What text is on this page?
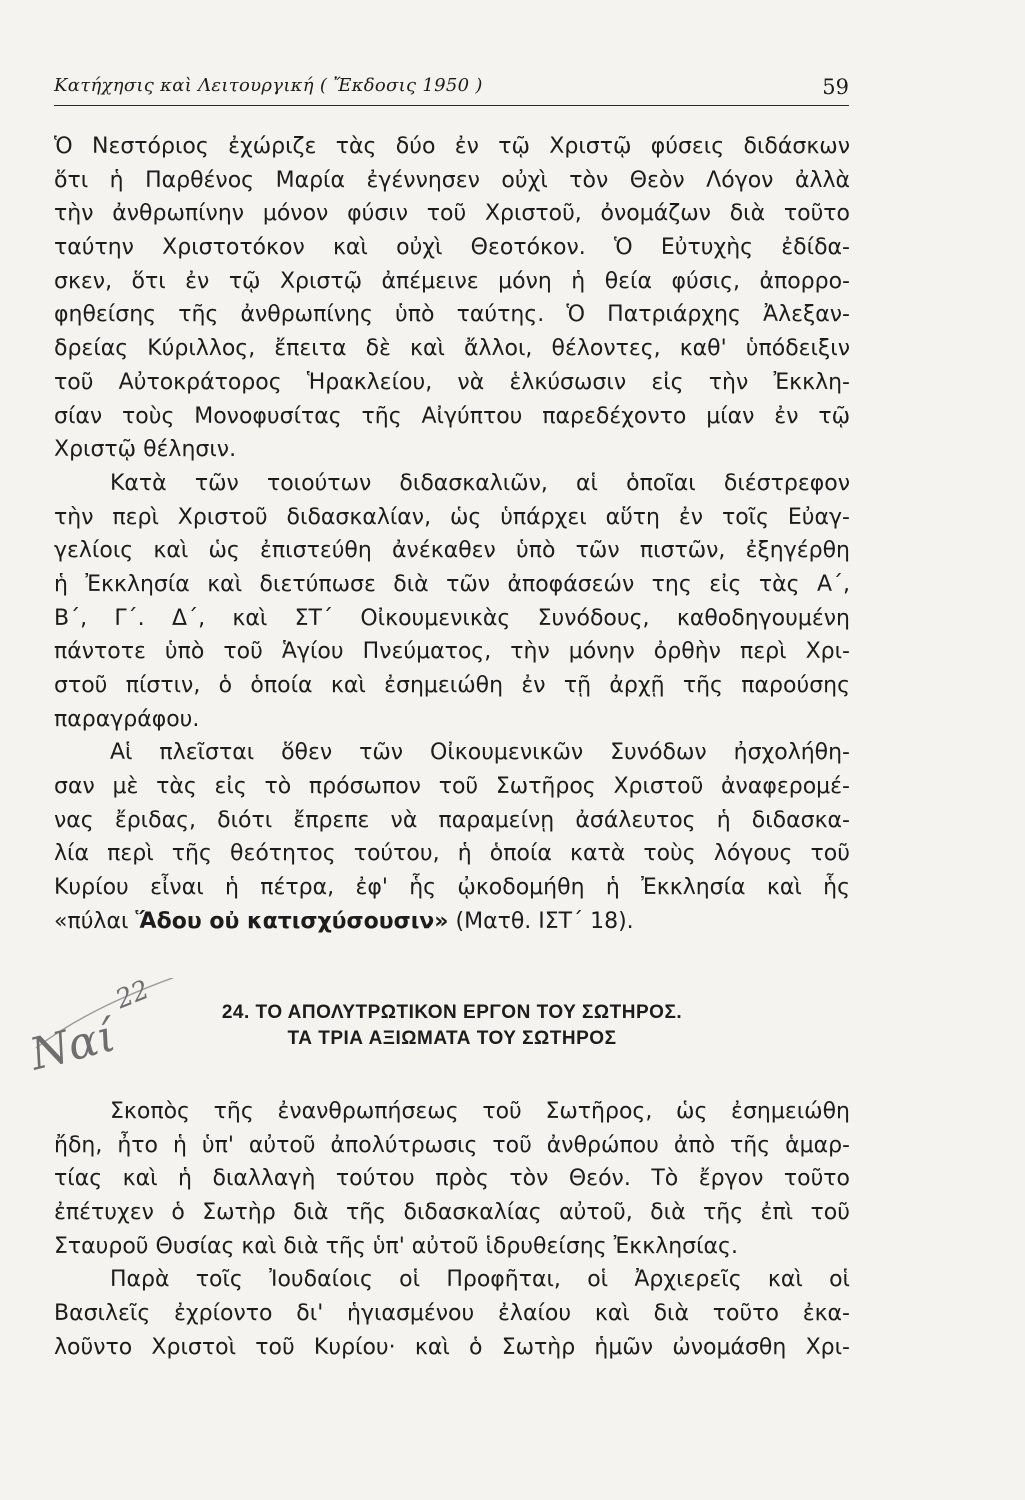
Κατήχησις καὶ Λειτουργική ( Ἔκδοσις 1950 )	59
Ὁ Νεστόριος ἐχώριζε τὰς δύο ἐν τῷ Χριστῷ φύσεις διδάσκων
ὅτι ἡ Παρθένος Μαρία ἐγέννησεν οὐχὶ τὸν Θεὸν Λόγον ἀλλὰ
τὴν ἀνθρωπίνην μόνον φύσιν τοῦ Χριστοῦ, ὀνομάζων διὰ τοῦτο
ταύτην Χριστοτόκον καὶ οὐχὶ Θεοτόκον. Ὁ Εὐτυχὴς ἐδίδα-
σκεν, ὅτι ἐν τῷ Χριστῷ ἀπέμεινε μόνη ἡ θεία φύσις, ἀπορρο-
φηθείσης τῆς ἀνθρωπίνης ὑπὸ ταύτης. Ὁ Πατριάρχης Ἀλεξαν-
δρείας Κύριλλος, ἔπειτα δὲ καὶ ἄλλοι, θέλοντες, καθ' ὑπόδειξιν
τοῦ Αὐτοκράτορος Ἡρακλείου, νὰ ἑλκύσωσιν εἰς τὴν Ἐκκλη-
σίαν τοὺς Μονοφυσίτας τῆς Αἰγύπτου παρεδέχοντο μίαν ἐν τῷ
Χριστῷ θέλησιν.
Κατὰ τῶν τοιούτων διδασκαλιῶν, αἱ ὁποῖαι διέστρεφον
τὴν περὶ Χριστοῦ διδασκαλίαν, ὡς ὑπάρχει αὕτη ἐν τοῖς Εὐαγ-
γελίοις καὶ ὡς ἐπιστεύθη ἀνέκαθεν ὑπὸ τῶν πιστῶν, ἐξηγέρθη
ἡ Ἐκκλησία καὶ διετύπωσε διὰ τῶν ἀποφάσεών της εἰς τὰς Α΄,
Β΄, Γ΄. Δ΄, καὶ ΣΤ΄ Οἰκουμενικὰς Συνόδους, καθοδηγουμένη
πάντοτε ὑπὸ τοῦ Ἁγίου Πνεύματος, τὴν μόνην ὀρθὴν περὶ Χρι-
στοῦ πίστιν, ὁ ὁποία καὶ ἐσημειώθη ἐν τῇ ἀρχῇ τῆς παρούσης
παραγράφου.
Αἱ πλεῖσται ὅθεν τῶν Οἰκουμενικῶν Συνόδων ἠσχολήθη-
σαν μὲ τὰς εἰς τὸ πρόσωπον τοῦ Σωτῆρος Χριστοῦ ἀναφερομέ-
νας ἔριδας, διότι ἔπρεπε νὰ παραμείνῃ ἀσάλευτος ἡ διδασκα-
λία περὶ τῆς θεότητος τούτου, ἡ ὁποία κατὰ τοὺς λόγους τοῦ
Κυρίου εἶναι ἡ πέτρα, ἐφ' ἧς ᾠκοδομήθη ἡ Ἐκκλησία καὶ ἧς
«πύλαι Ἅδου οὐ κατισχύσουσιν» (Ματθ. ΙΣΤ΄ 18).
22
Ναί	24. ΤΟ ΑΠΟΛΥΤΡΩΤΙΚΟΝ ΕΡΓΟΝ ΤΟΥ ΣΩΤΗΡΟΣ.
ΤΑ ΤΡΙΑ ΑΞΙΩΜΑΤΑ ΤΟΥ ΣΩΤΗΡΟΣ
Σκοπὸς τῆς ἐνανθρωπήσεως τοῦ Σωτῆρος, ὡς ἐσημειώθη
ἤδη, ἦτο ἡ ὑπ' αὐτοῦ ἀπολύτρωσις τοῦ ἀνθρώπου ἀπὸ τῆς ἁμαρ-
τίας καὶ ἡ διαλλαγὴ τούτου πρὸς τὸν Θεόν. Τὸ ἔργον τοῦτο
ἐπέτυχεν ὁ Σωτὴρ διὰ τῆς διδασκαλίας αὐτοῦ, διὰ τῆς ἐπὶ τοῦ
Σταυροῦ Θυσίας καὶ διὰ τῆς ὑπ' αὐτοῦ ἱδρυθείσης Ἐκκλησίας.
Παρὰ τοῖς Ἰουδαίοις οἱ Προφῆται, οἱ Ἀρχιερεῖς καὶ οἱ
Βασιλεῖς ἐχρίοντο δι' ἡγιασμένου ἐλαίου καὶ διὰ τοῦτο ἐκα-
λοῦντο Χριστοὶ τοῦ Κυρίου· καὶ ὁ Σωτὴρ ἡμῶν ὠνομάσθη Χρι-
